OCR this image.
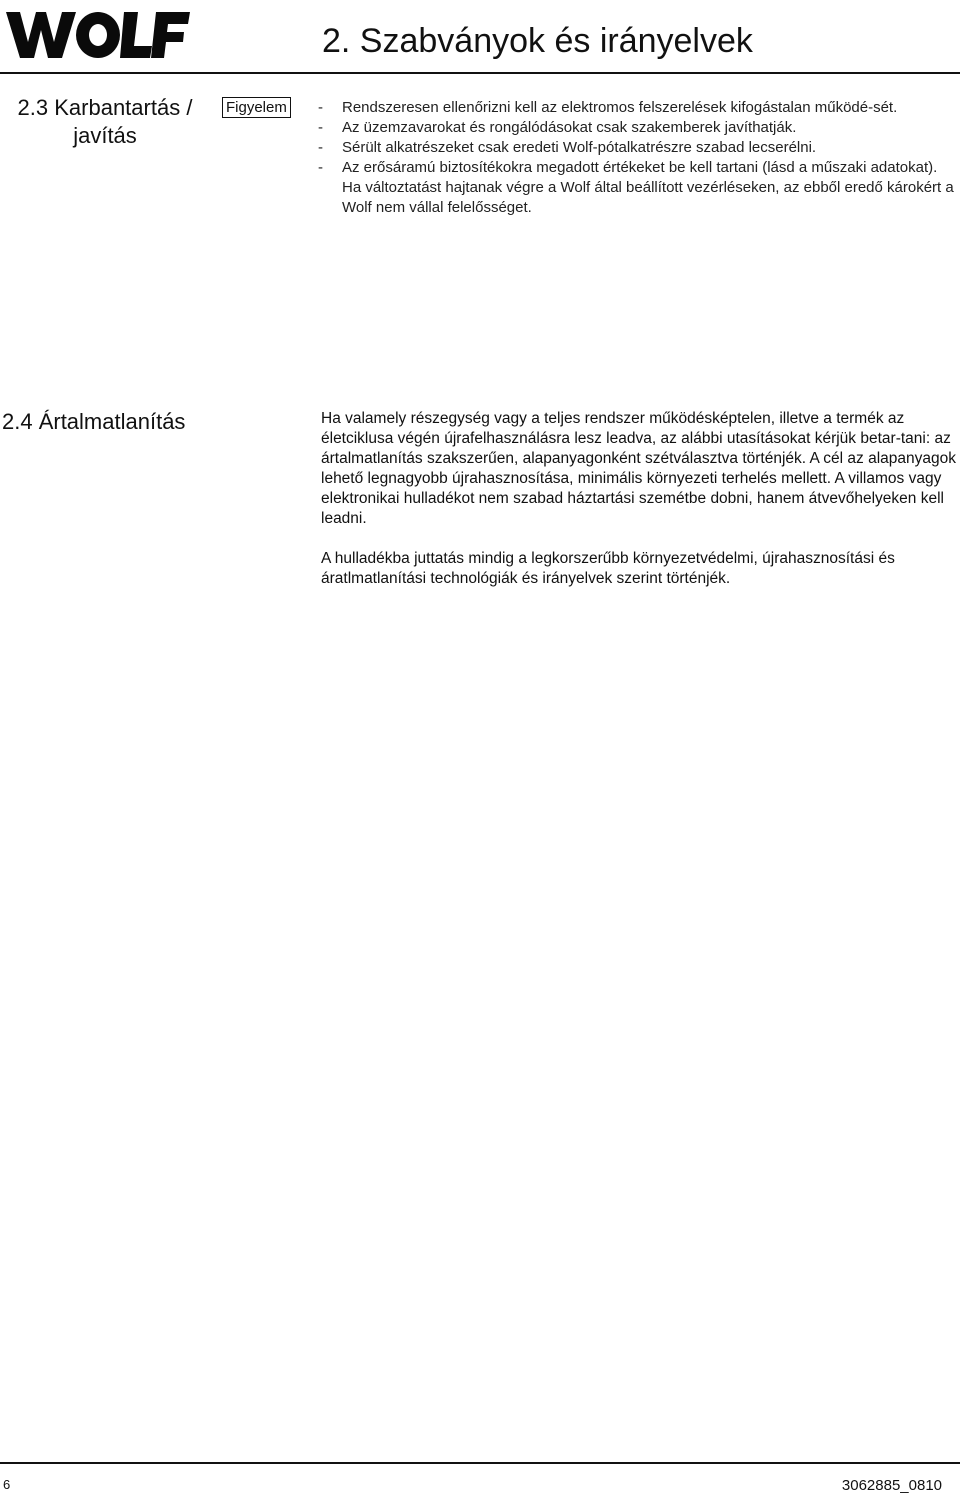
2. Szabványok és irányelvek
2.3 Karbantartás /
javítás
Figyelem -	Rendszeresen ellenőrizni kell az elektromos felszerelések kifogástalan működé-sét.
-	Az üzemzavarokat és rongálódásokat csak szakemberek javíthatják.
-	Sérült alkatrészeket csak eredeti Wolf-pótalkatrészre szabad lecserélni.
-	Az erősáramú biztosítékokra megadott értékeket be kell tartani (lásd a műszaki adatokat).
Ha változtatást hajtanak végre a Wolf által beállított vezérléseken, az ebből eredő károkért a Wolf nem vállal felelősséget.
2.4 Ártalmatlanítás	Ha valamely részegység vagy a teljes rendszer működésképtelen, illetve a termék az életciklusa végén újrafelhasználásra lesz leadva, az alábbi utasításokat kérjük betar-tani: az ártalmatlanítás szakszerűen, alapanyagonként szétválasztva történjék. A cél az alapanyagok lehető legnagyobb újrahasznosítása, minimális környezeti terhelés mellett. A villamos vagy elektronikai hulladékot nem szabad háztartási szemétbe dobni, hanem átvevőhelyeken kell leadni.

A hulladékba juttatás mindig a legkorszerűbb környezetvédelmi, újrahasznosítási és áratlmatlanítási technológiák és irányelvek szerint történjék.

6	3062885_0810
